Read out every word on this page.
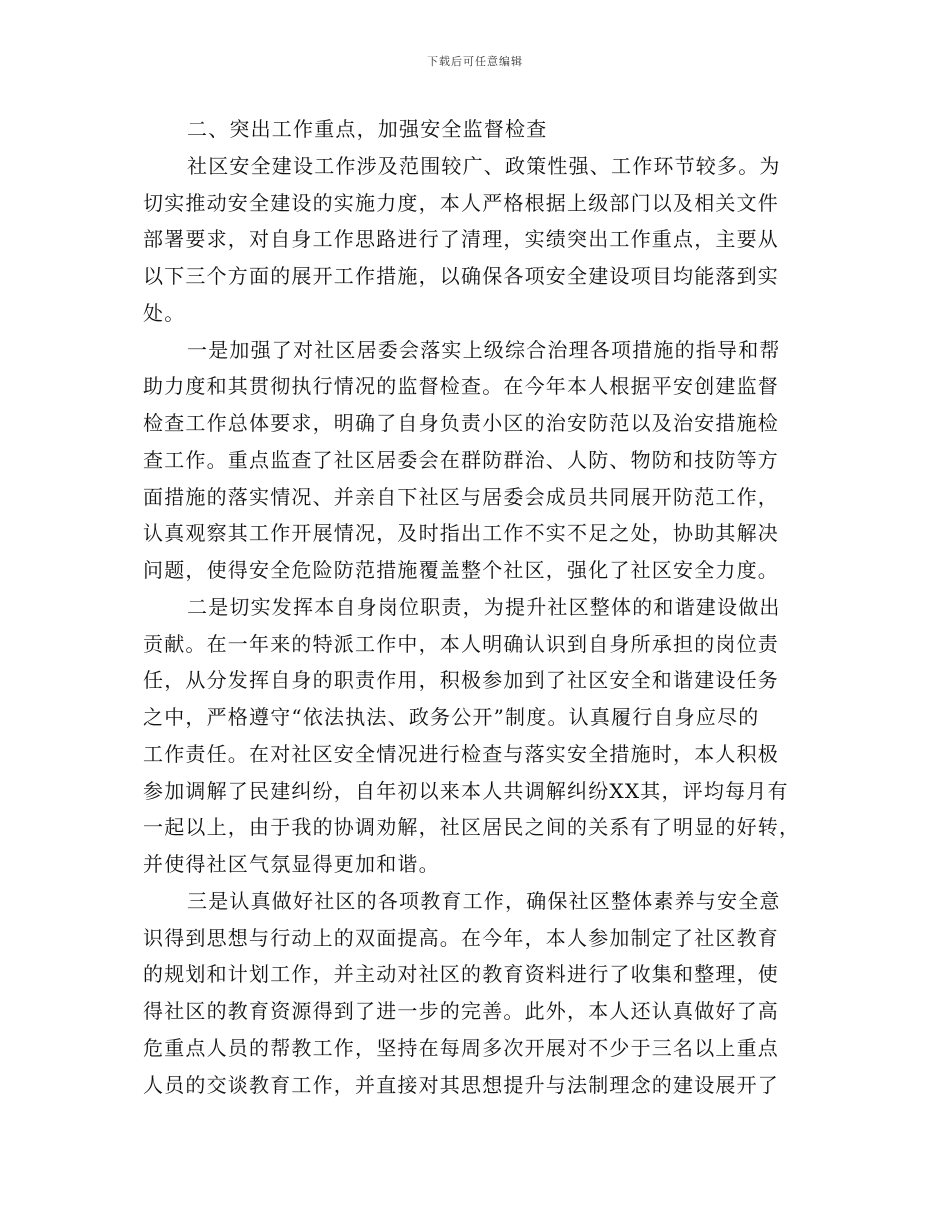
下载后可任意编辑
二、突出工作重点，加强安全监督检查
社区安全建设工作涉及范围较广、政策性强、工作环节较多。为
切实推动安全建设的实施力度，本人严格根据上级部门以及相关文件
部署要求，对自身工作思路进行了清理，实绩突出工作重点，主要从
以下三个方面的展开工作措施，以确保各项安全建设项目均能落到实
处。
一是加强了对社区居委会落实上级综合治理各项措施的指导和帮
助力度和其贯彻执行情况的监督检查。在今年本人根据平安创建监督
检查工作总体要求，明确了自身负责小区的治安防范以及治安措施检
查工作。重点监查了社区居委会在群防群治、人防、物防和技防等方
面措施的落实情况、并亲自下社区与居委会成员共同展开防范工作，
认真观察其工作开展情况，及时指出工作不实不足之处，协助其解决
问题，使得安全危险防范措施覆盖整个社区，强化了社区安全力度。
二是切实发挥本自身岗位职责，为提升社区整体的和谐建设做出
贡献。在一年来的特派工作中，本人明确认识到自身所承担的岗位责
任，从分发挥自身的职责作用，积极参加到了社区安全和谐建设任务
之中，严格遵守“依法执法、政务公开”制度。认真履行自身应尽的
工作责任。在对社区安全情况进行检查与落实安全措施时，本人积极
参加调解了民建纠纷，自年初以来本人共调解纠纷XX其，评均每月有
一起以上，由于我的协调劝解，社区居民之间的关系有了明显的好转，
并使得社区气氛显得更加和谐。
三是认真做好社区的各项教育工作，确保社区整体素养与安全意
识得到思想与行动上的双面提高。在今年，本人参加制定了社区教育
的规划和计划工作，并主动对社区的教育资料进行了收集和整理，使
得社区的教育资源得到了进一步的完善。此外，本人还认真做好了高
危重点人员的帮教工作，坚持在每周多次开展对不少于三名以上重点
人员的交谈教育工作，并直接对其思想提升与法制理念的建设展开了
